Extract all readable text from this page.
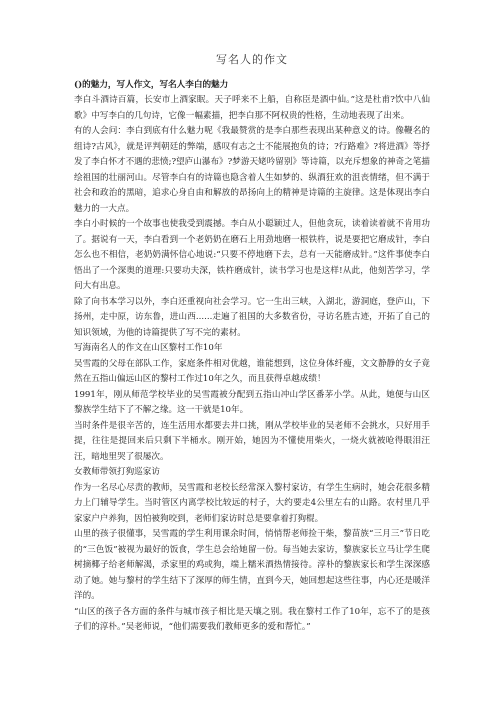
写名人的作文

()的魅力，写人作文，写名人李白的魅力

李白斗酒诗百篇，长安市上酒家眠。天子呼来不上船，自称臣是酒中仙。”这是杜甫?饮中八仙歌》中写李白的几句诗，它像一幅素描，把李白那不阿权贵的性格，生动地表现了出来。

有的人会问：李白到底有什么魅力呢《我最赞赏的是李白那些表现出某种意义的诗。像鞭名的组诗?古风》，就是评判朝廷的弊端，感叹有志之士不能展抱负的诗；?行路难》?将进酒》等抒发了李白怀才不遇的悲愤;?望庐山瀑布》?梦游天姥吟留别》等诗篇，以充斥想象的神奇之笔描绘祖国的壮丽河山。尽管李白有的诗篇也隐含着人生如梦的、纵酒狂欢的沮丧情绪，但不满于社会和政治的黑暗，追求心身自由和解放的昂扬向上的精神是诗篇的主旋律。这是体现出李白魅力的一大点。

李白小时候的一个故事也使我受到震撼。李白从小聪颖过人，但他贪玩，读着读着就不肯用功了。据说有一天，李白看到一个老奶奶在磨石上用劲地磨一根铁杵，说是要把它磨成针，李白怎么也不相信，老奶奶满怀信心地说:“只要不停地磨下去，总有一天能磨成针。”这件事使李白悟出了一个深奥的道理:只要功夫深，铁杵磨成针，读书学习也是这样!从此，他刻苦学习，学问大有出息。

除了向书本学习以外，李白还重视向社会学习。它一生出三峡，入湖北，游洞庭，登庐山，下扬州，走中原，访东鲁，进山西......走遍了祖国的大多数省份，寻访名胜古迹，开拓了自己的知识领域，为他的诗篇提供了写不完的素材。

写海南名人的作文在山区黎村工作10年

吴雪霞的父母在部队工作，家庭条件相对优越，谁能想到，这位身体纤瘦，文文静静的女子竟然在五指山偏远山区的黎村工作过10年之久，而且获得卓越成绩！

1991年，刚从师范学校毕业的吴雪霞被分配到五指山冲山学区番茅小学。从此，她便与山区黎族学生结下了不解之缘。这一干就是10年。

当时条件是很辛苦的，连生活用水都要去井口挑，刚从学校毕业的吴老师不会挑水，只好用手提，往往是提回来后只剩下半桶水。刚开始，她因为不懂使用柴火，一烧火就被呛得眼泪汪汪，暗地里哭了很屡次。

女教师带领打狗巡家访

作为一名尽心尽责的教师，吴雪霞和老校长经常深入黎村家访，有学生生病时，她会花很多精力上门辅导学生。当时管区内离学校比较远的村子，大约要走4公里左右的山路。农村里几乎家家户户养狗，因怕被狗咬到，老师们家访时总是要拿着打狗棍。

山里的孩子很懂事，吴雪霞的学生利用课余时间，悄悄帮老师捡干柴，黎苗族“三月三”节日吃的“三色饭”被视为最好的饭食，学生总会给她留一份。每当她去家访，黎族家长立马让学生爬树摘椰子给老师解渴，杀家里的鸡或狗，端上糯米酒热情接待。淳朴的黎族家长和学生深深感动了她。她与黎村的学生结下了深厚的师生情，直到今天，她回想起这些往事，内心还是暖洋洋的。

“山区的孩子各方面的条件与城市孩子相比是天壤之别。我在黎村工作了10年，忘不了的是孩子们的淳朴。”吴老师说，“他们需要我们教师更多的爱和帮忙。”
